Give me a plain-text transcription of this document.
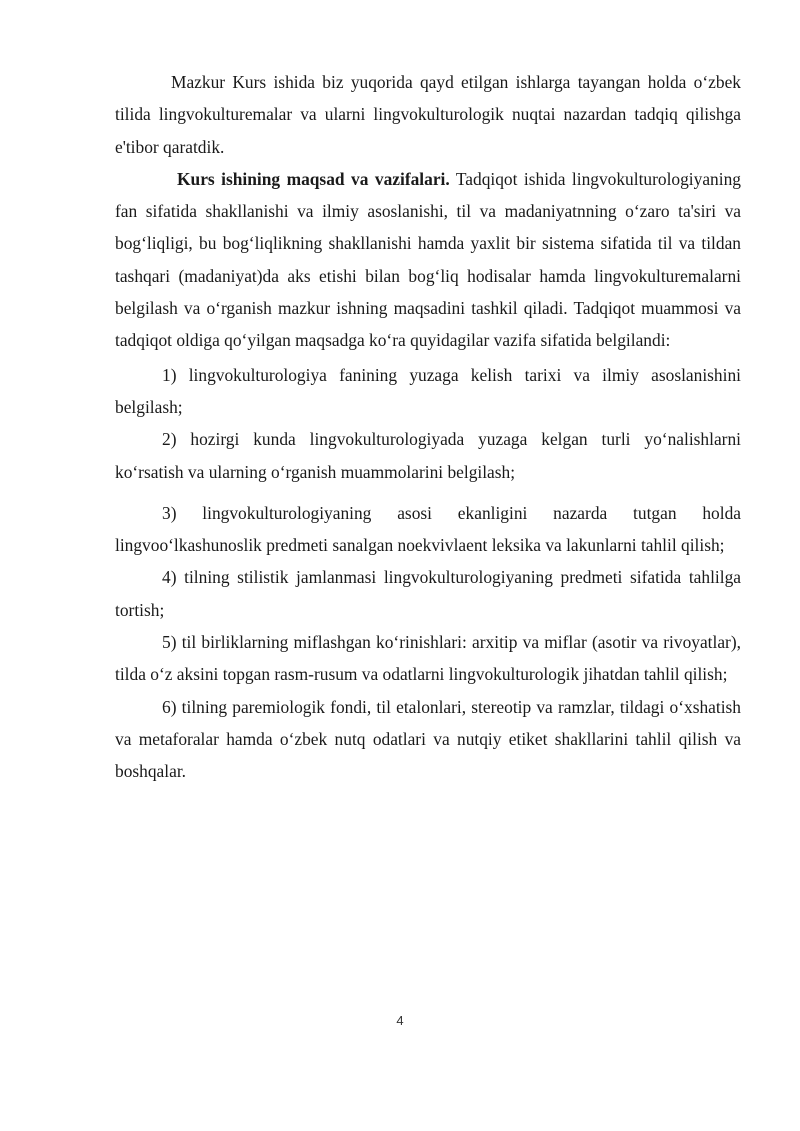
Mazkur Kurs ishida biz yuqorida qayd etilgan ishlarga tayangan holda o‘zbek tilida lingvokulturemalar va ularni lingvokulturologik nuqtai nazardan tadqiq qilishga e'tibor qaratdik.

Kurs ishining maqsad va vazifalari. Tadqiqot ishida lingvokulturologiyaning fan sifatida shakllanishi va ilmiy asoslanishi, til va madaniyatnning o‘zaro ta'siri va bog‘liqligi, bu bog‘liqlikning shakllanishi hamda yaxlit bir sistema sifatida til va tildan tashqari (madaniyat)da aks etishi bilan bog‘liq hodisalar hamda lingvokulturemalarni belgilash va o‘rganish mazkur ishning maqsadini tashkil qiladi. Tadqiqot muammosi va tadqiqot oldiga qo‘yilgan maqsadga ko‘ra quyidagilar vazifa sifatida belgilandi:

1) lingvokulturologiya fanining yuzaga kelish tarixi va ilmiy asoslanishini belgilash;

2) hozirgi kunda lingvokulturologiyada yuzaga kelgan turli yo‘nalishlarni ko‘rsatish va ularning o‘rganish muammolarini belgilash;

3) lingvokulturologiyaning asosi ekanligini nazarda tutgan holda lingvoo‘lkashunoslik predmeti sanalgan noekvivlaent leksika va lakunlarni tahlil qilish;

4) tilning stilistik jamlanmasi lingvokulturologiyaning predmeti sifatida tahlilga tortish;

5) til birliklarning miflashgan ko‘rinishlari: arxitip va miflar (asotir va rivoyatlar), tilda o‘z aksini topgan rasm-rusum va odatlarni lingvokulturologik jihatdan tahlil qilish;

6) tilning paremiologik fondi, til etalonlari, stereotip va ramzlar, tildagi o‘xshatish va metaforalar hamda o‘zbek nutq odatlari va nutqiy etiket shakllarini tahlil qilish va boshqalar.

4
